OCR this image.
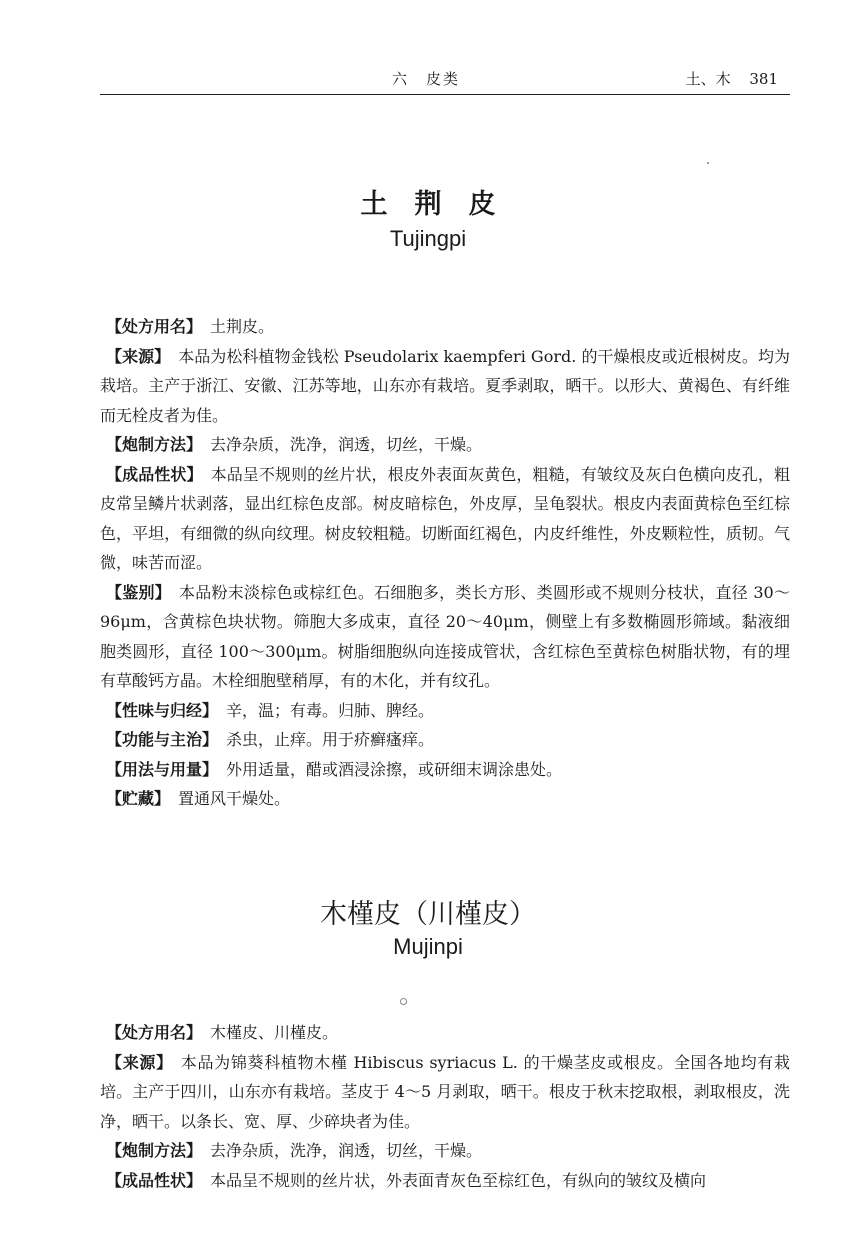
六　皮类	土、木 381
土　荆　皮
Tujingpi

【处方用名】 土荆皮。

【来源】 本品为松科植物金钱松 Pseudolarix kaempferi Gord. 的干燥根皮或近根树皮。均为栽培。主产于浙江、安徽、江苏等地，山东亦有栽培。夏季剥取，晒干。以形大、黄褐色、有纤维而无栓皮者为佳。

【炮制方法】 去净杂质，洗净，润透，切丝，干燥。

【成品性状】 本品呈不规则的丝片状，根皮外表面灰黄色，粗糙，有皱纹及灰白色横向皮孔，粗皮常呈鳞片状剥落，显出红棕色皮部。树皮暗棕色，外皮厚，呈龟裂状。根皮内表面黄棕色至红棕色，平坦，有细微的纵向纹理。树皮较粗糙。切断面红褐色，内皮纤维性，外皮颗粒性，质韧。气微，味苦而涩。

【鉴别】 本品粉末淡棕色或棕红色。石细胞多，类长方形、类圆形或不规则分枝状，直径 30～96μm，含黄棕色块状物。筛胞大多成束，直径 20～40μm，侧壁上有多数椭圆形筛域。黏液细胞类圆形，直径 100～300μm。树脂细胞纵向连接成管状，含红棕色至黄棕色树脂状物，有的埋有草酸钙方晶。木栓细胞壁稍厚，有的木化，并有纹孔。

【性味与归经】 辛，温；有毒。归肺、脾经。

【功能与主治】 杀虫，止痒。用于疥癣瘙痒。

【用法与用量】 外用适量，醋或酒浸涂擦，或研细末调涂患处。

【贮藏】 置通风干燥处。

木槿皮（川槿皮）
Mujinpi

【处方用名】 木槿皮、川槿皮。

【来源】 本品为锦葵科植物木槿 Hibiscus syriacus L. 的干燥茎皮或根皮。全国各地均有栽培。主产于四川，山东亦有栽培。茎皮于 4～5 月剥取，晒干。根皮于秋末挖取根，剥取根皮，洗净，晒干。以条长、宽、厚、少碎块者为佳。

【炮制方法】 去净杂质，洗净，润透，切丝，干燥。

【成品性状】 本品呈不规则的丝片状，外表面青灰色至棕红色，有纵向的皱纹及横向
